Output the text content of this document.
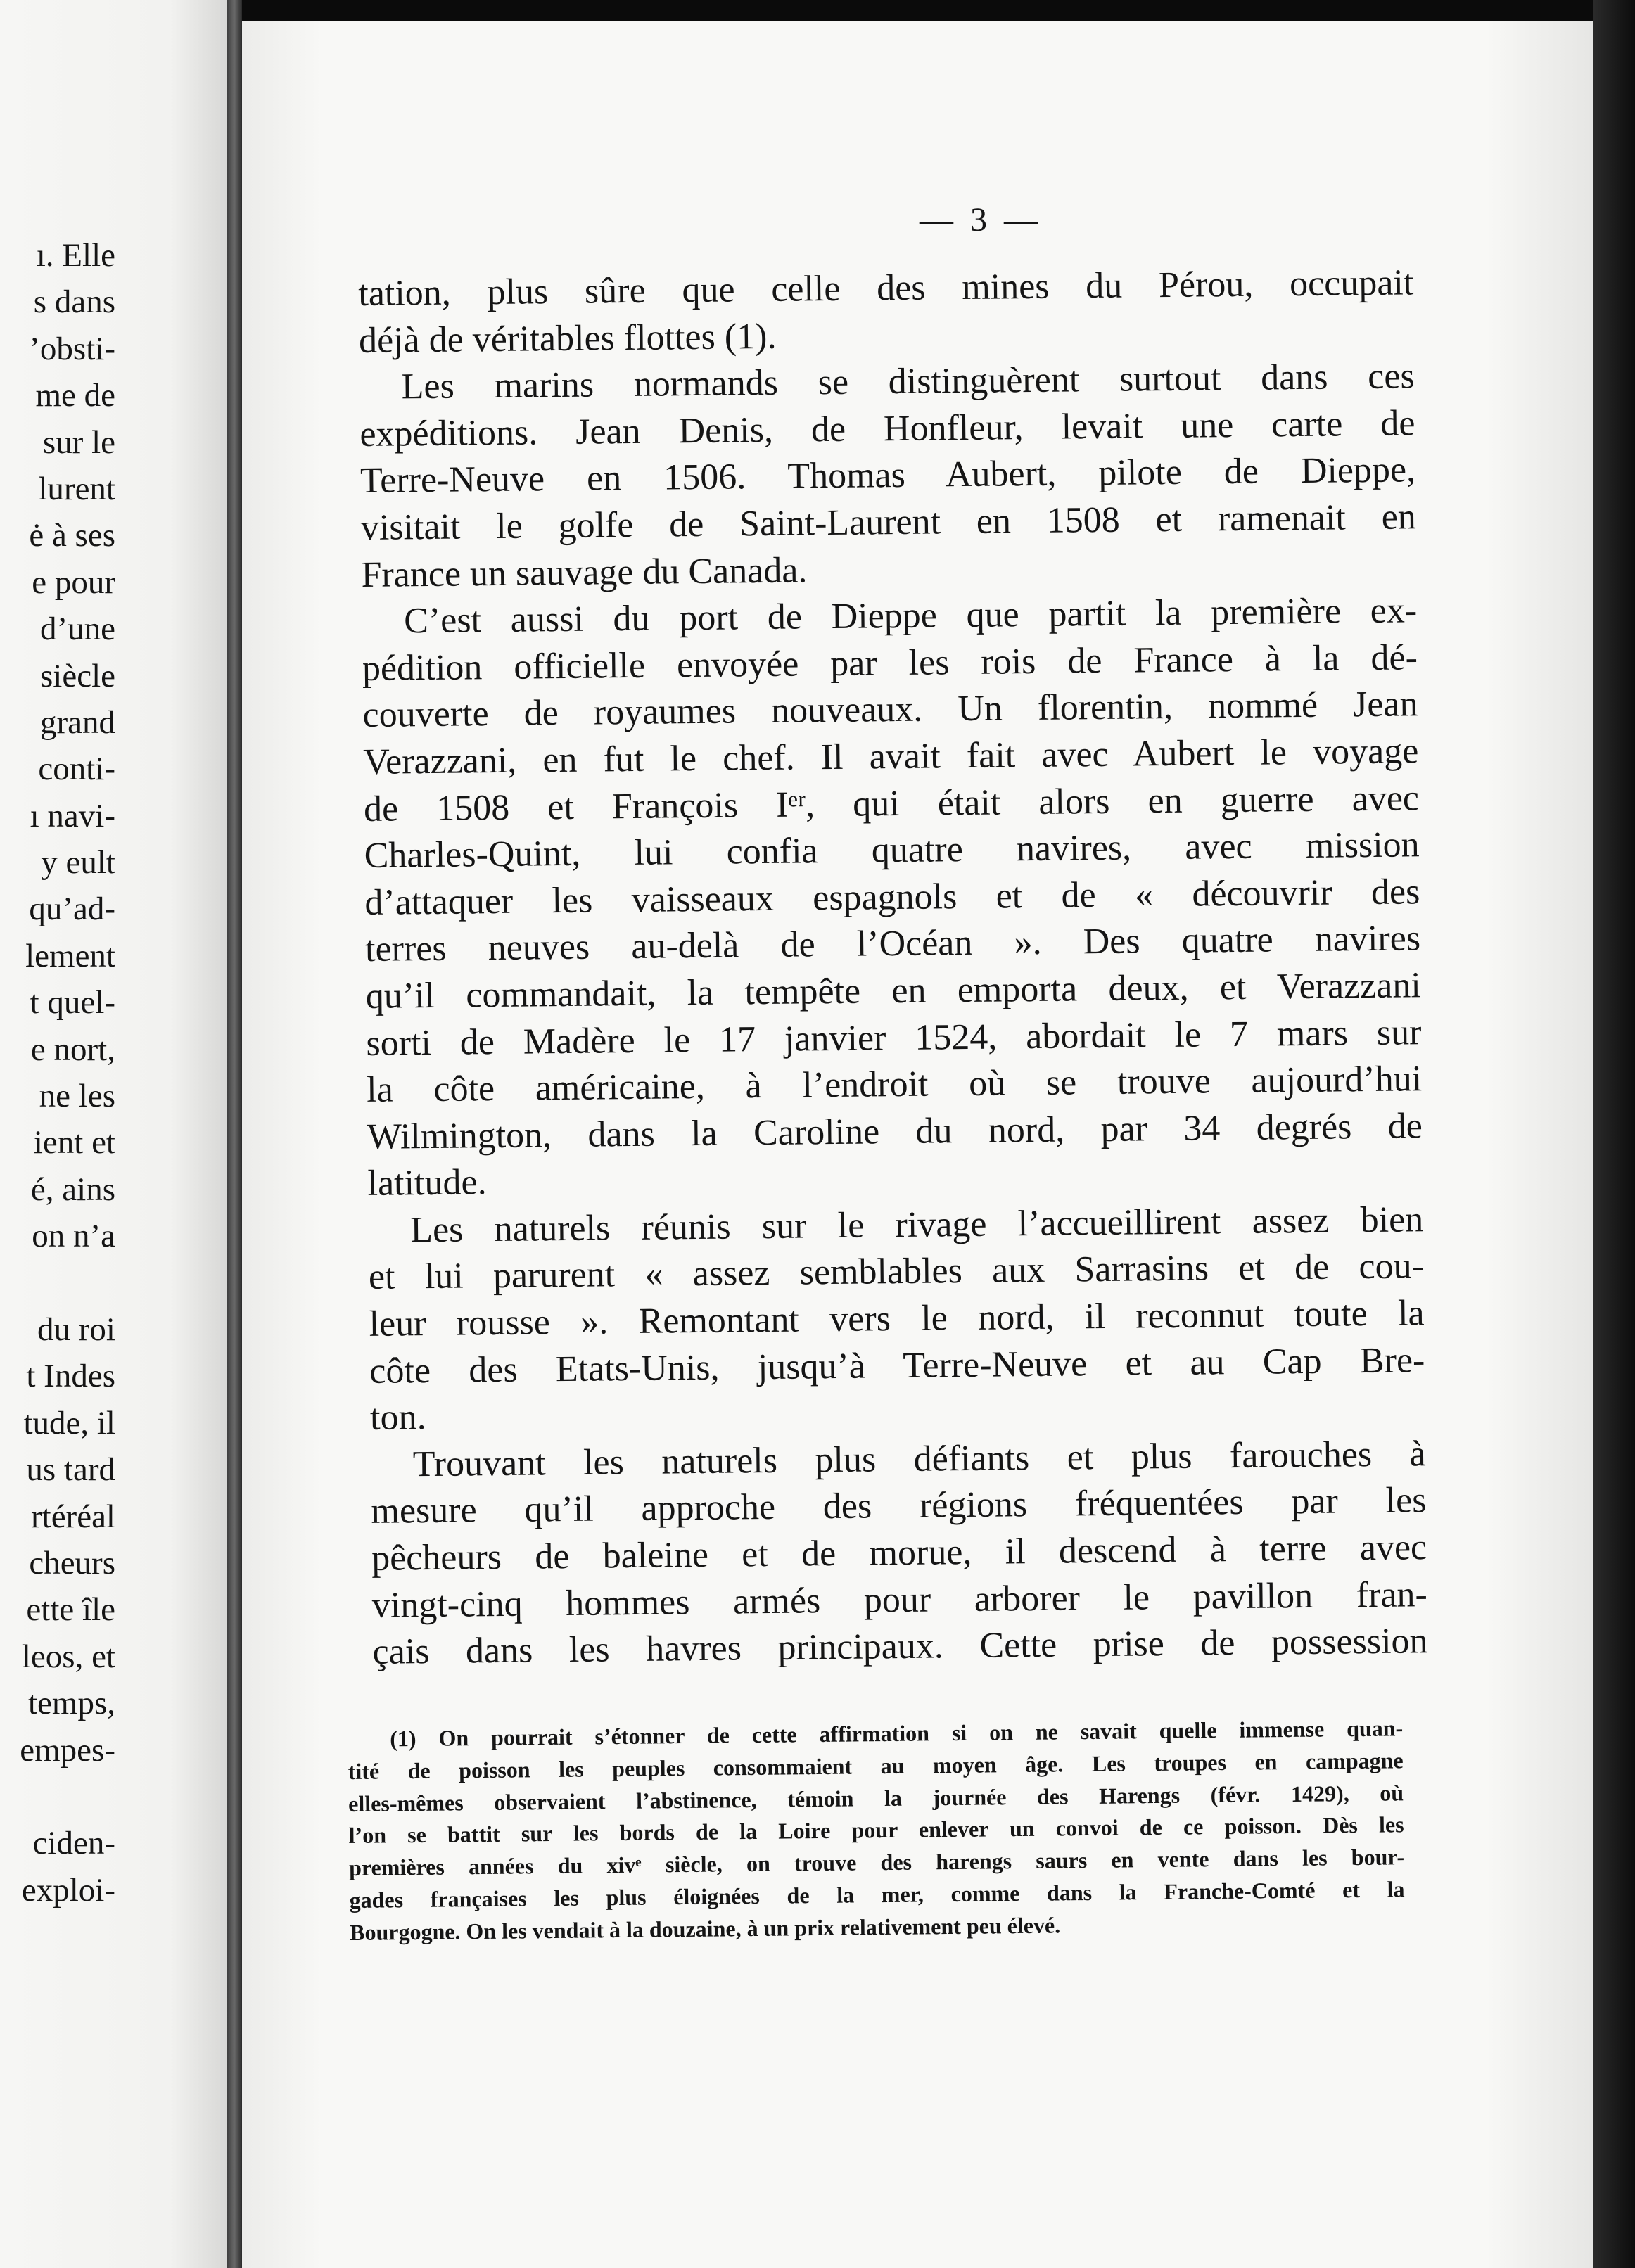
ı. Elle
s dans
’obsti-
me de
sur le
lurent
ė à ses
e pour
d’une
siècle
grand
conti-
ı navi-
y eult
qu’ad-
lement
t quel-
e nort,
ne les
ient et
é, ains
on n’a
du roi
t Indes
tude, il
us tard
rtéréal
cheurs
ette île
leos, et
temps,
empes-
ciden-
exploi-
— 3 —
tation, plus sûre que celle des mines du Pérou, occupait
déjà de véritables flottes (1).
Les marins normands se distinguèrent surtout dans ces
expéditions. Jean Denis, de Honfleur, levait une carte de
Terre-Neuve en 1506. Thomas Aubert, pilote de Dieppe,
visitait le golfe de Saint-Laurent en 1508 et ramenait en
France un sauvage du Canada.
C’est aussi du port de Dieppe que partit la première ex-
pédition officielle envoyée par les rois de France à la dé-
couverte de royaumes nouveaux. Un florentin, nommé Jean
Verazzani, en fut le chef. Il avait fait avec Aubert le voyage
de 1508 et François Iᵉʳ, qui était alors en guerre avec
Charles-Quint, lui confia quatre navires, avec mission
d’attaquer les vaisseaux espagnols et de « découvrir des
terres neuves au-delà de l’Océan ». Des quatre navires
qu’il commandait, la tempête en emporta deux, et Verazzani
sorti de Madère le 17 janvier 1524, abordait le 7 mars sur
la côte américaine, à l’endroit où se trouve aujourd’hui
Wilmington, dans la Caroline du nord, par 34 degrés de
latitude.
Les naturels réunis sur le rivage l’accueillirent assez bien
et lui parurent « assez semblables aux Sarrasins et de cou-
leur rousse ». Remontant vers le nord, il reconnut toute la
côte des Etats-Unis, jusqu’à Terre-Neuve et au Cap Bre-
ton.
Trouvant les naturels plus défiants et plus farouches à
mesure qu’il approche des régions fréquentées par les
pêcheurs de baleine et de morue, il descend à terre avec
vingt-cinq hommes armés pour arborer le pavillon fran-
çais dans les havres principaux. Cette prise de possession
(1) On pourrait s’étonner de cette affirmation si on ne savait quelle immense quan-
tité de poisson les peuples consommaient au moyen âge. Les troupes en campagne
elles-mêmes observaient l’abstinence, témoin la journée des Harengs (févr. 1429), où
l’on se battit sur les bords de la Loire pour enlever un convoi de ce poisson. Dès les
premières années du xivᵉ siècle, on trouve des harengs saurs en vente dans les bour-
gades françaises les plus éloignées de la mer, comme dans la Franche-Comté et la
Bourgogne. On les vendait à la douzaine, à un prix relativement peu élevé.
